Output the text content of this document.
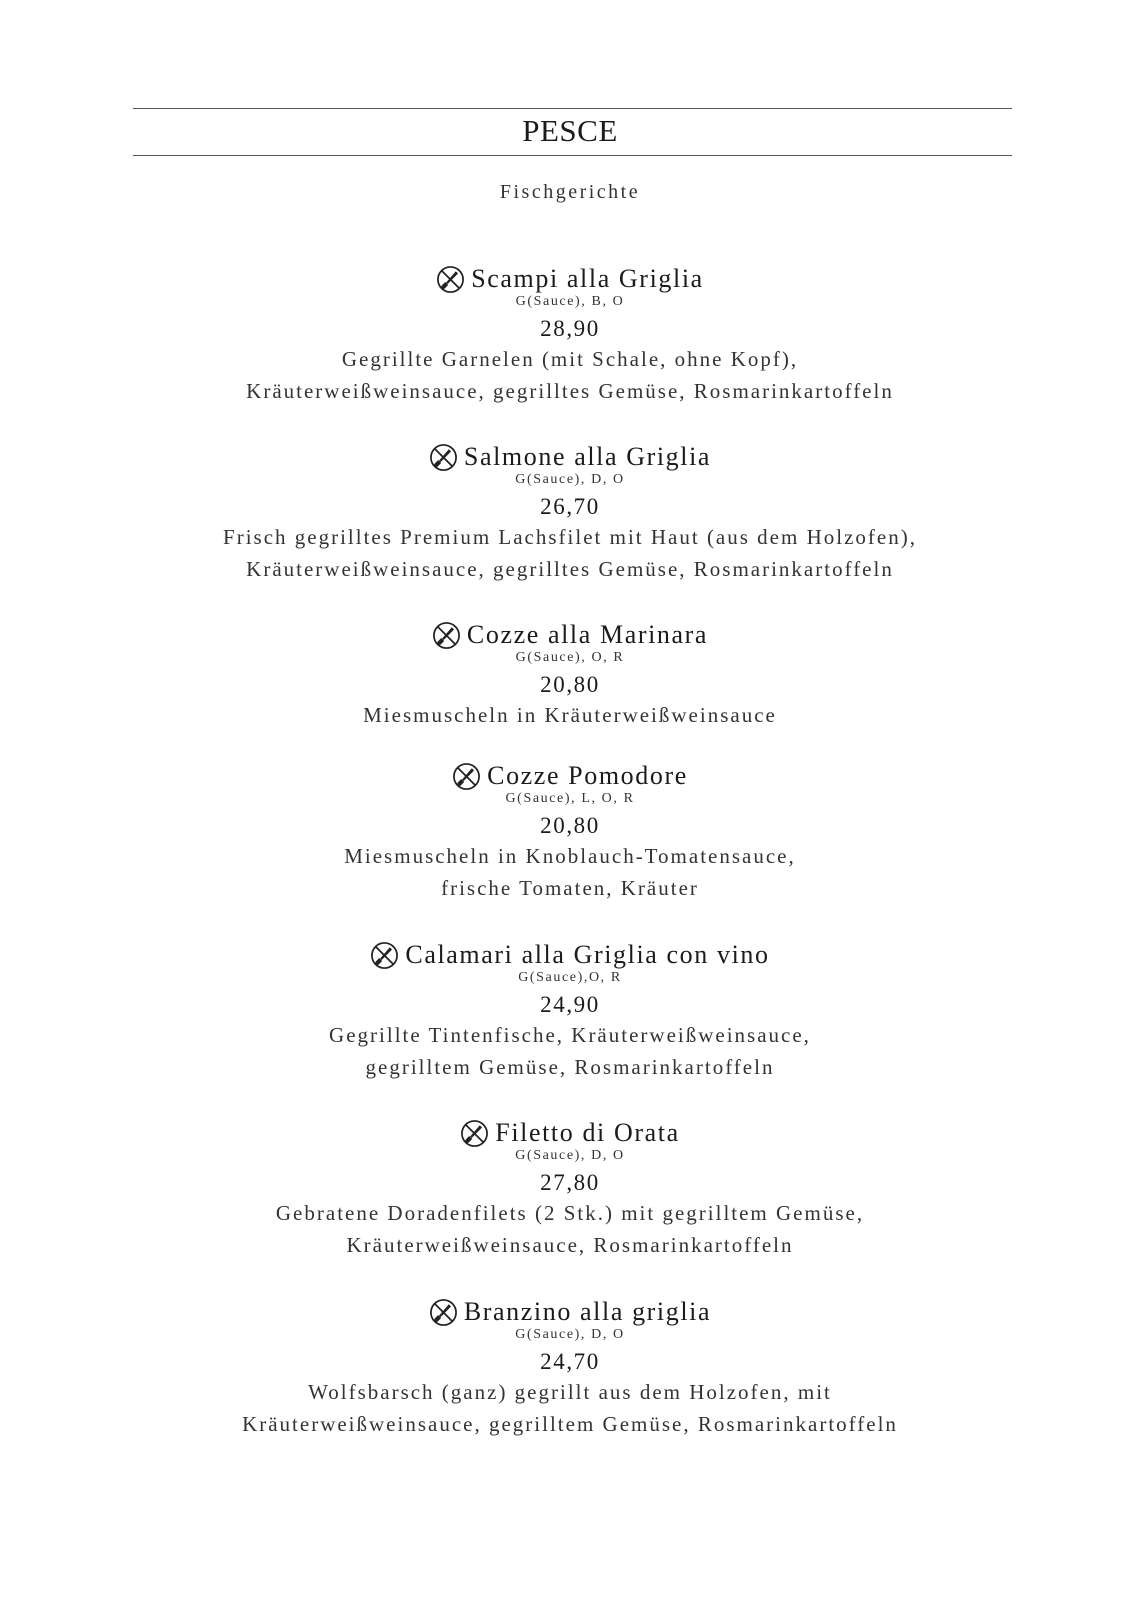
PESCE
Fischgerichte
Scampi alla Griglia
G(Sauce), B, O
28,90
Gegrillte Garnelen (mit Schale, ohne Kopf),
Kräuterweißweinsauce, gegrilltes Gemüse, Rosmarinkartoffeln
Salmone alla Griglia
G(Sauce), D, O
26,70
Frisch gegrilltes Premium Lachsfilet mit Haut (aus dem Holzofen),
Kräuterweißweinsauce, gegrilltes Gemüse, Rosmarinkartoffeln
Cozze alla Marinara
G(Sauce), O, R
20,80
Miesmuscheln in Kräuterweißweinsauce
Cozze Pomodore
G(Sauce), L, O, R
20,80
Miesmuscheln in Knoblauch-Tomatensauce,
frische Tomaten, Kräuter
Calamari alla Griglia con vino
G(Sauce),O, R
24,90
Gegrillte Tintenfische, Kräuterweißweinsauce,
gegrilltem Gemüse, Rosmarinkartoffeln
Filetto di Orata
G(Sauce), D, O
27,80
Gebratene Doradenfilets (2 Stk.) mit gegrilltem Gemüse,
Kräuterweißweinsauce, Rosmarinkartoffeln
Branzino alla griglia
G(Sauce), D, O
24,70
Wolfsbarsch (ganz) gegrillt aus dem Holzofen, mit
Kräuterweißweinsauce, gegrilltem Gemüse, Rosmarinkartoffeln
